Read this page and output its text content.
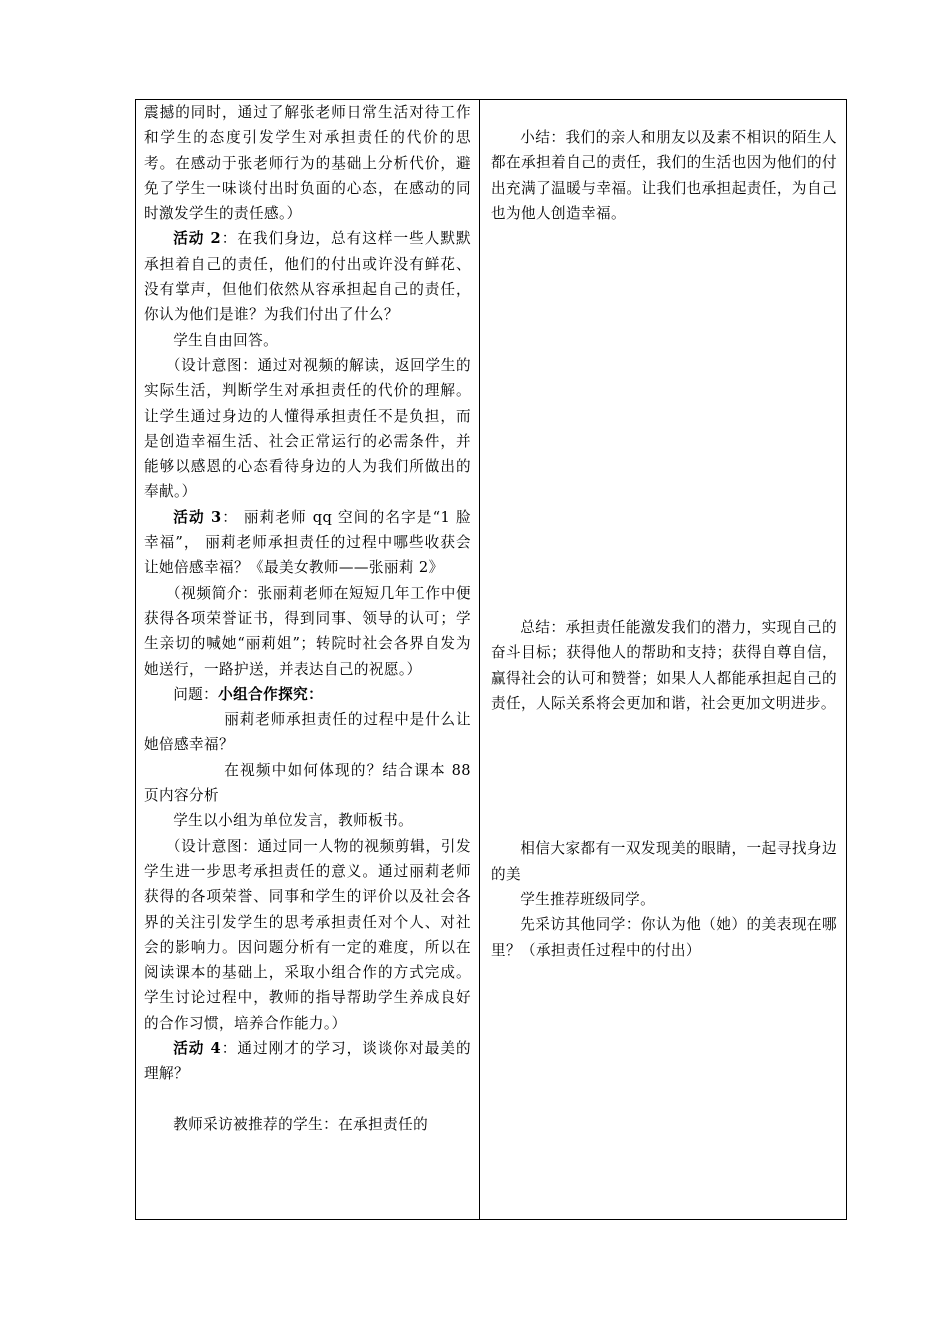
震撼的同时，通过了解张老师日常生活对待工作和学生的态度引发学生对承担责任的代价的思考。在感动于张老师行为的基础上分析代价，避免了学生一味谈付出时负面的心态，在感动的同时激发学生的责任感。）

活动 2：在我们身边，总有这样一些人默默承担着自己的责任，他们的付出或许没有鲜花、没有掌声，但他们依然从容承担起自己的责任，你认为他们是谁？为我们付出了什么？

学生自由回答。

（设计意图：通过对视频的解读，返回学生的实际生活，判断学生对承担责任的代价的理解。让学生通过身边的人懂得承担责任不是负担，而是创造幸福生活、社会正常运行的必需条件，并能够以感恩的心态看待身边的人为我们所做出的奉献。）

活动 3： 丽莉老师 qq 空间的名字是“1 脸幸福”， 丽莉老师承担责任的过程中哪些收获会让她倍感幸福？《最美女教师——张丽莉 2》

（视频简介：张丽莉老师在短短几年工作中便获得各项荣誉证书，得到同事、领导的认可；学生亲切的喊她“丽莉姐”；转院时社会各界自发为她送行，一路护送，并表达自己的祝愿。）

问题：小组合作探究：

丽莉老师承担责任的过程中是什么让她倍感幸福？

在视频中如何体现的？结合课本 88 页内容分析

学生以小组为单位发言，教师板书。

（设计意图：通过同一人物的视频剪辑，引发学生进一步思考承担责任的意义。通过丽莉老师获得的各项荣誉、同事和学生的评价以及社会各界的关注引发学生的思考承担责任对个人、对社会的影响力。因问题分析有一定的难度，所以在阅读课本的基础上，采取小组合作的方式完成。学生讨论过程中，教师的指导帮助学生养成良好的合作习惯，培养合作能力。）

活动 4：通过刚才的学习，谈谈你对最美的理解？

教师采访被推荐的学生：在承担责任的

小结：我们的亲人和朋友以及素不相识的陌生人都在承担着自己的责任，我们的生活也因为他们的付出充满了温暖与幸福。让我们也承担起责任，为自己也为他人创造幸福。

总结：承担责任能激发我们的潜力，实现自己的奋斗目标；获得他人的帮助和支持；获得自尊自信，赢得社会的认可和赞誉；如果人人都能承担起自己的责任，人际关系将会更加和谐，社会更加文明进步。

相信大家都有一双发现美的眼睛，一起寻找身边的美

学生推荐班级同学。

先采访其他同学：你认为他（她）的美表现在哪里？（承担责任过程中的付出）
